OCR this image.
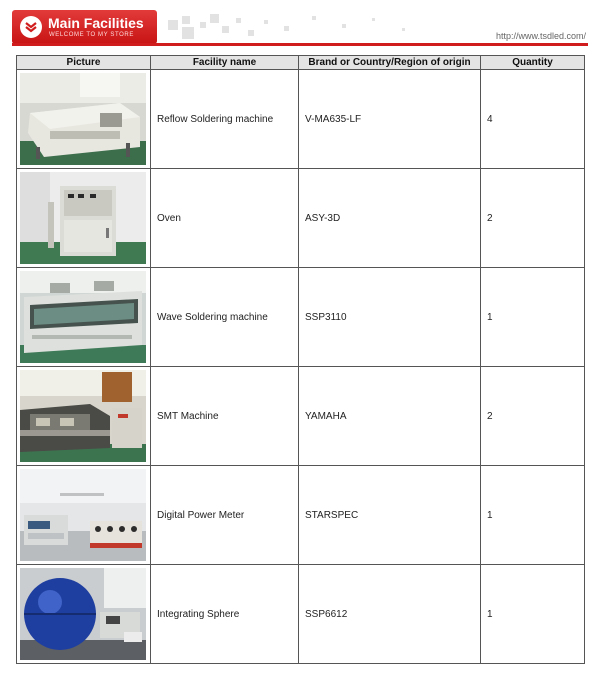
Main Facilities
WELCOME TO MY STORE	http://www.tsdled.com/
Picture	Facility name	Brand or Country/Region of origin	Quantity

	Reflow Soldering machine	V-MA635-LF	4

	Oven	ASY-3D	2

	Wave Soldering machine	SSP3110	1

	SMT Machine	YAMAHA	2

	Digital Power Meter	STARSPEC	1

	Integrating Sphere	SSP6612	1
